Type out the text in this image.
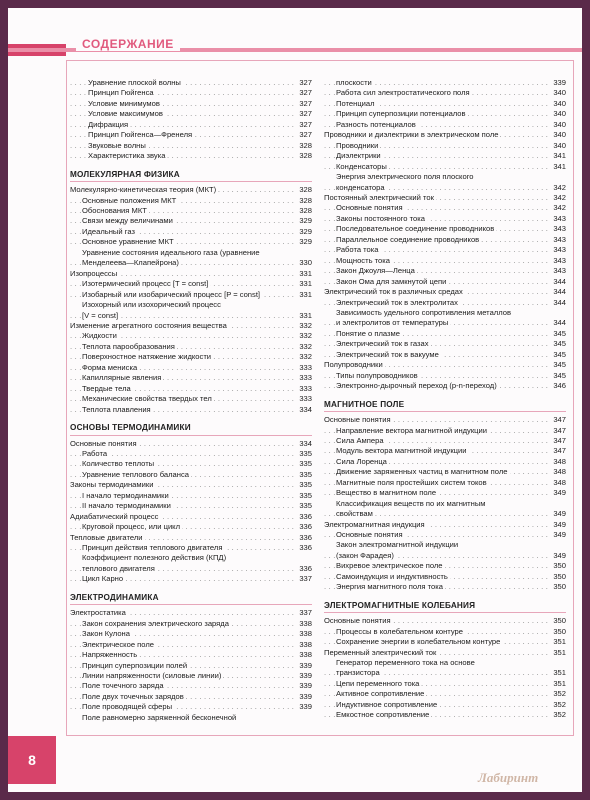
СОДЕРЖАНИЕ
Уравнение плоской волны	327
. . .
Принцип Гюйгенса	327
. . .
Условие минимумов	327
. . .
Условие максимумов	327
. . .
Дифракция	327
. . .
Принцип Гюйгенса—Френеля	327
. . .
Звуковые волны	328
. . .
Характеристика звука	328
. . .
МОЛЕКУЛЯРНАЯ ФИЗИКА
Молекулярно-кинетическая теория (МКТ)	328
. . .
Основные положения МКТ	328
. . .
Обоснования МКТ	328
. . .
Связи между величинами	329
. . .
Идеальный газ	329
. . .
Основное уравнение МКТ	329
. . .
Уравнение состояния идеального газа (уравнение
Менделеева—Клапейрона)	330
. . .
Изопроцессы	331
. . .
Изотермический процесс [T = const]	331
. . .
Изобарный или изобарический процесс [P = const]	331
. . .
Изохорный или изохорический процесс
[V = const]	331
. . .
Изменение агрегатного состояния вещества	332
. . .
Жидкости	332
. . .
Теплота парообразования	332
. . .
Поверхностное натяжение жидкости	332
. . .
Форма мениска	333
. . .
Капиллярные явления	333
. . .
Твердые тела	333
. . .
Механические свойства твердых тел	333
. . .
Теплота плавления	334
. . .
ОСНОВЫ ТЕРМОДИНАМИКИ
Основные понятия	334
. . .
Работа	335
. . .
Количество теплоты	335
. . .
Уравнение теплового баланса	335
. . .
Законы термодинамики	335
. . .
I начало термодинамики	335
. . .
II начало термодинамики	335
. . .
Адиабатический процесс	336
. . .
Круговой процесс, или цикл	336
. . .
Тепловые двигатели	336
. . .
Принцип действия теплового двигателя	336
. . .
Коэффициент полезного действия (КПД)
теплового двигателя	336
. . .
Цикл Карно	337
. . .
ЭЛЕКТРОДИНАМИКА
Электростатика	337
. . .
Закон сохранения электрического заряда	338
. . .
Закон Кулона	338
. . .
Электрическое поле	338
. . .
Напряженность	338
. . .
Принцип суперпозиции полей	339
. . .
Линии напряженности (силовые линии)	339
. . .
Поле точечного заряда	339
. . .
Поле двух точечных зарядов	339
. . .
Поле проводящей сферы	339
. . .
Поле равномерно заряженной бесконечной
плоскости	339
. . .
Работа сил электростатического поля	340
. . .
Потенциал	340
. . .
Принцип суперпозиции потенциалов	340
. . .
Разность потенциалов	340
. . .
Проводники и диэлектрики в электрическом поле	340
. . .
Проводники	340
. . .
Диэлектрики	341
. . .
Конденсаторы	341
. . .
Энергия электрического поля плоского
конденсатора	342
. . .
Постоянный электрический ток	342
. . .
Основные понятия	342
. . .
Законы постоянного тока	343
. . .
Последовательное соединение проводников	343
. . .
Параллельное соединение проводников	343
. . .
Работа тока	343
. . .
Мощность тока	343
. . .
Закон Джоуля—Ленца	343
. . .
Закон Ома для замкнутой цепи	344
. . .
Электрический ток в различных средах	344
. . .
Электрический ток в электролитах	344
. . .
Зависимость удельного сопротивления металлов
и электролитов от температуры	344
. . .
Понятие о плазме	345
. . .
Электрический ток в газах	345
. . .
Электрический ток в вакууме	345
. . .
Полупроводники	345
. . .
Типы полупроводников	345
. . .
Электронно-дырочный переход (p-n-переход)	346
. . .
МАГНИТНОЕ ПОЛЕ
Основные понятия	347
. . .
Направление вектора магнитной индукции	347
. . .
Сила Ампера	347
. . .
Модуль вектора магнитной индукции	347
. . .
Сила Лоренца	348
. . .
Движение заряженных частиц в магнитном поле	348
. . .
Магнитные поля простейших систем токов	348
. . .
Вещество в магнитном поле	349
. . .
Классификация веществ по их магнитным
свойствам	349
. . .
Электромагнитная индукция	349
. . .
Основные понятия	349
. . .
Закон электромагнитной индукции
(закон Фарадея)	349
. . .
Вихревое электрическое поле	350
. . .
Самоиндукция и индуктивность	350
. . .
Энергия магнитного поля тока	350
. . .
ЭЛЕКТРОМАГНИТНЫЕ КОЛЕБАНИЯ
Основные понятия	350
. . .
Процессы в колебательном контуре	350
. . .
Сохранение энергии в колебательном контуре	351
. . .
Переменный электрический ток	351
. . .
Генератор переменного тока на основе
транзистора	351
. . .
Цепи переменного тока	351
. . .
Активное сопротивление	352
. . .
Индуктивное сопротивление	352
. . .
Емкостное сопротивление	352
. . .
8
Лабиринт
